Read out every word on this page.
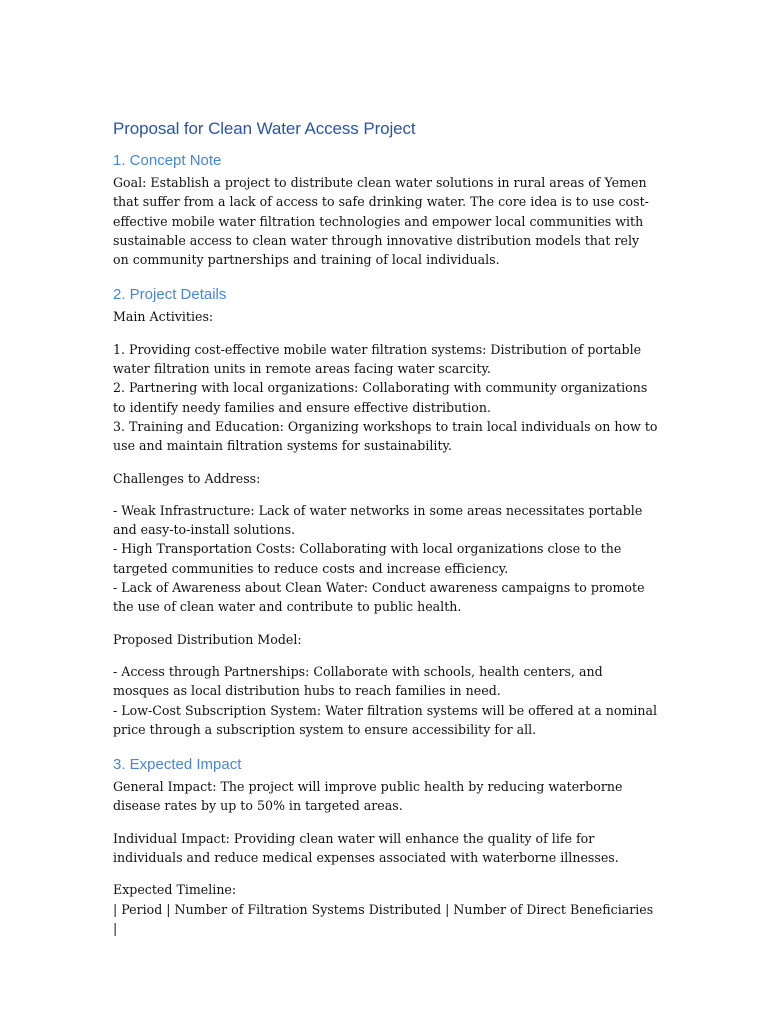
Proposal for Clean Water Access Project
1. Concept Note

Goal: Establish a project to distribute clean water solutions in rural areas of Yemen that suffer from a lack of access to safe drinking water. The core idea is to use cost-effective mobile water filtration technologies and empower local communities with sustainable access to clean water through innovative distribution models that rely on community partnerships and training of local individuals.

2. Project Details

Main Activities:

1. Providing cost-effective mobile water filtration systems: Distribution of portable water filtration units in remote areas facing water scarcity.
2. Partnering with local organizations: Collaborating with community organizations to identify needy families and ensure effective distribution.
3. Training and Education: Organizing workshops to train local individuals on how to use and maintain filtration systems for sustainability.

Challenges to Address:

- Weak Infrastructure: Lack of water networks in some areas necessitates portable and easy-to-install solutions.
- High Transportation Costs: Collaborating with local organizations close to the targeted communities to reduce costs and increase efficiency.
- Lack of Awareness about Clean Water: Conduct awareness campaigns to promote the use of clean water and contribute to public health.

Proposed Distribution Model:

- Access through Partnerships: Collaborate with schools, health centers, and mosques as local distribution hubs to reach families in need.
- Low-Cost Subscription System: Water filtration systems will be offered at a nominal price through a subscription system to ensure accessibility for all.

3. Expected Impact

General Impact: The project will improve public health by reducing waterborne disease rates by up to 50% in targeted areas.

Individual Impact: Providing clean water will enhance the quality of life for individuals and reduce medical expenses associated with waterborne illnesses.

Expected Timeline:
| Period | Number of Filtration Systems Distributed | Number of Direct Beneficiaries |
